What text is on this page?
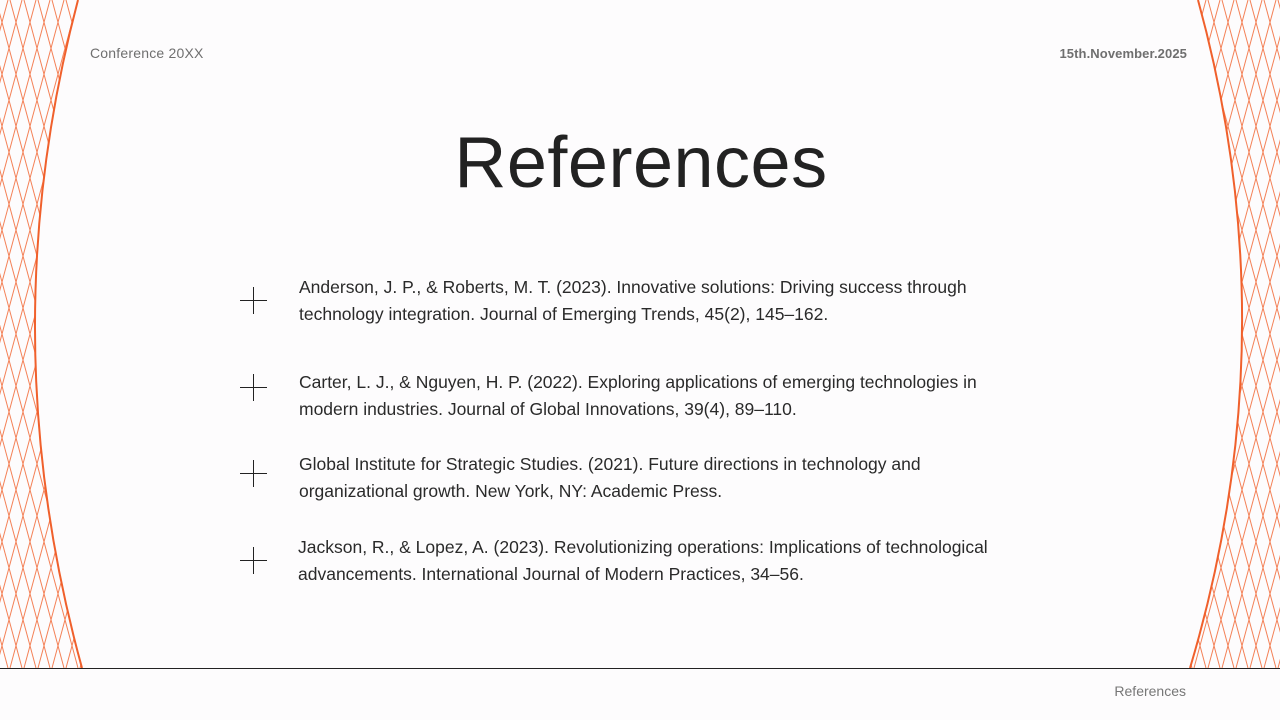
Conference 20XX	15th.November.2025
References
Anderson, J. P., & Roberts, M. T. (2023). Innovative solutions: Driving success through technology integration. Journal of Emerging Trends, 45(2), 145–162.
Carter, L. J., & Nguyen, H. P. (2022). Exploring applications of emerging technologies in modern industries. Journal of Global Innovations, 39(4), 89–110.
Global Institute for Strategic Studies. (2021). Future directions in technology and organizational growth. New York, NY: Academic Press.
Jackson, R., & Lopez, A. (2023). Revolutionizing operations: Implications of technological advancements. International Journal of Modern Practices, 34–56.
References
